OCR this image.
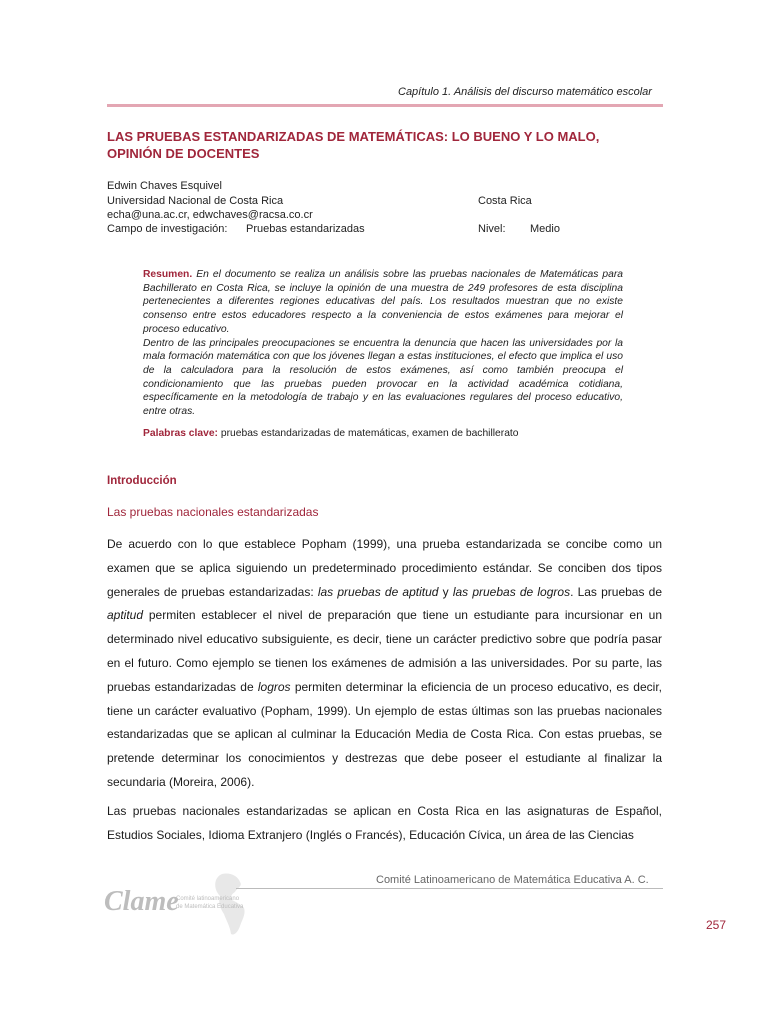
Capítulo 1. Análisis del discurso matemático escolar
LAS PRUEBAS ESTANDARIZADAS DE MATEMÁTICAS: LO BUENO Y LO MALO, OPINIÓN DE DOCENTES
Edwin Chaves Esquivel
Universidad Nacional de Costa Rica	Costa Rica
echa@una.ac.cr, edwchaves@racsa.co.cr
Campo de investigación: Pruebas estandarizadas	Nivel: Medio

Resumen. En el documento se realiza un análisis sobre las pruebas nacionales de Matemáticas para Bachillerato en Costa Rica, se incluye la opinión de una muestra de 249 profesores de esta disciplina pertenecientes a diferentes regiones educativas del país. Los resultados muestran que no existe consenso entre estos educadores respecto a la conveniencia de estos exámenes para mejorar el proceso educativo.

Dentro de las principales preocupaciones se encuentra la denuncia que hacen las universidades por la mala formación matemática con que los jóvenes llegan a estas instituciones, el efecto que implica el uso de la calculadora para la resolución de estos exámenes, así como también preocupa el condicionamiento que las pruebas pueden provocar en la actividad académica cotidiana, específicamente en la metodología de trabajo y en las evaluaciones regulares del proceso educativo, entre otras.

Palabras clave: pruebas estandarizadas de matemáticas, examen de bachillerato
Introducción
Las pruebas nacionales estandarizadas

De acuerdo con lo que establece Popham (1999), una prueba estandarizada se concibe como un examen que se aplica siguiendo un predeterminado procedimiento estándar. Se conciben dos tipos generales de pruebas estandarizadas: las pruebas de aptitud y las pruebas de logros. Las pruebas de aptitud permiten establecer el nivel de preparación que tiene un estudiante para incursionar en un determinado nivel educativo subsiguiente, es decir, tiene un carácter predictivo sobre que podría pasar en el futuro. Como ejemplo se tienen los exámenes de admisión a las universidades. Por su parte, las pruebas estandarizadas de logros permiten determinar la eficiencia de un proceso educativo, es decir, tiene un carácter evaluativo (Popham, 1999). Un ejemplo de estas últimas son las pruebas nacionales estandarizadas que se aplican al culminar la Educación Media de Costa Rica. Con estas pruebas, se pretende determinar los conocimientos y destrezas que debe poseer el estudiante al finalizar la secundaria (Moreira, 2006).

Las pruebas nacionales estandarizadas se aplican en Costa Rica en las asignaturas de Español, Estudios Sociales, Idioma Extranjero (Inglés o Francés), Educación Cívica, un área de las Ciencias

Clame
Comité latinoamericano
de Matemática Educativa
Comité Latinoamericano de Matemática Educativa A. C.
257
